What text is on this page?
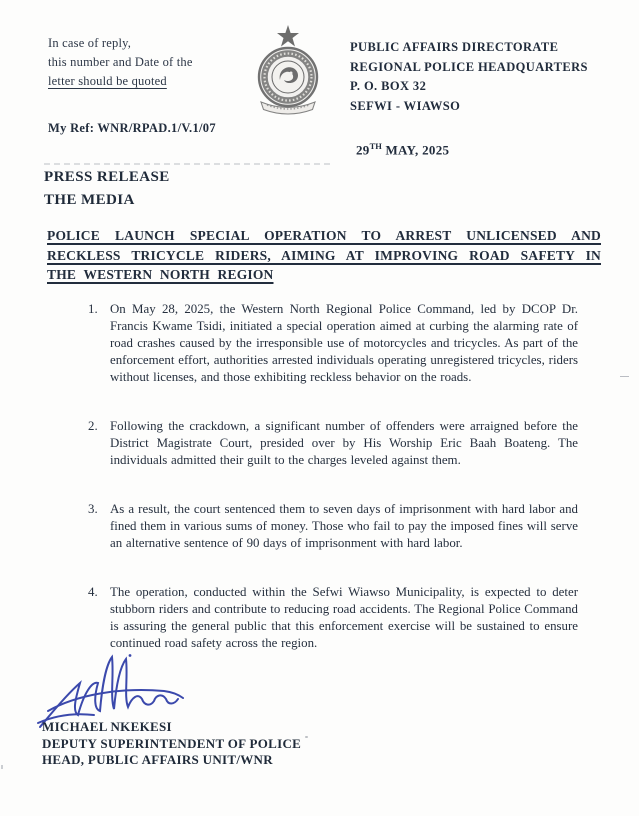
In case of reply,
this number and Date of the
letter should be quoted
PUBLIC AFFAIRS DIRECTORATE
REGIONAL POLICE HEADQUARTERS
P. O. BOX 32
SEFWI - WIAWSO
My Ref: WNR/RPAD.1/V.1/07
29TH MAY, 2025
PRESS RELEASE
THE MEDIA

POLICE LAUNCH SPECIAL OPERATION TO ARREST UNLICENSED AND RECKLESS TRICYCLE RIDERS, AIMING AT IMPROVING ROAD SAFETY IN THE WESTERN NORTH REGION

1. On May 28, 2025, the Western North Regional Police Command, led by DCOP Dr. Francis Kwame Tsidi, initiated a special operation aimed at curbing the alarming rate of road crashes caused by the irresponsible use of motorcycles and tricycles. As part of the enforcement effort, authorities arrested individuals operating unregistered tricycles, riders without licenses, and those exhibiting reckless behavior on the roads.

2. Following the crackdown, a significant number of offenders were arraigned before the District Magistrate Court, presided over by His Worship Eric Baah Boateng. The individuals admitted their guilt to the charges leveled against them.

3. As a result, the court sentenced them to seven days of imprisonment with hard labor and fined them in various sums of money. Those who fail to pay the imposed fines will serve an alternative sentence of 90 days of imprisonment with hard labor.

4. The operation, conducted within the Sefwi Wiawso Municipality, is expected to deter stubborn riders and contribute to reducing road accidents. The Regional Police Command is assuring the general public that this enforcement exercise will be sustained to ensure continued road safety across the region.

MICHAEL NKEKESI
DEPUTY SUPERINTENDENT OF POLICE
HEAD, PUBLIC AFFAIRS UNIT/WNR
